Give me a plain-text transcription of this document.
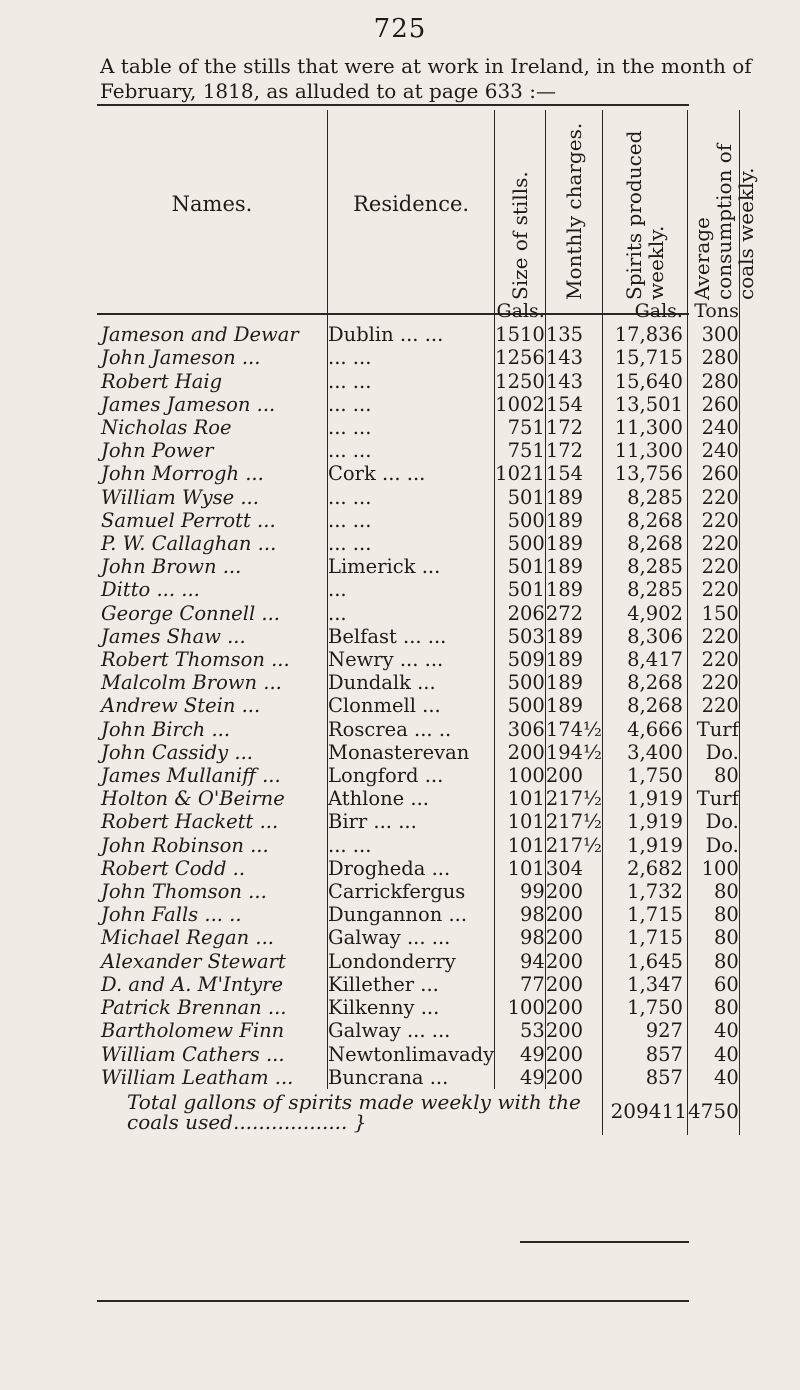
725
A table of the stills that were at work in Ireland, in the month of February, 1818, as alluded to at page 633 :—
Names.	Residence.	Size of stills.	Monthly charges.	Spirits produced weekly.	Average consumption of coals weekly.

		Gals.		Gals.	Tons
Jameson and Dewar	Dublin ... ...	1510	135	17,836	300
John Jameson ...	... ...	1256	143	15,715	280
Robert Haig	... ...	1250	143	15,640	280
James Jameson ...	... ...	1002	154	13,501	260
Nicholas Roe	... ...	751	172	11,300	240
John Power	... ...	751	172	11,300	240
John Morrogh ...	Cork ... ...	1021	154	13,756	260
William Wyse ...	... ...	501	189	8,285	220
Samuel Perrott ...	... ...	500	189	8,268	220
P. W. Callaghan ...	... ...	500	189	8,268	220
John Brown ...	Limerick ...	501	189	8,285	220
Ditto ... ...	...	501	189	8,285	220
George Connell ...	...	206	272	4,902	150
James Shaw ...	Belfast ... ...	503	189	8,306	220
Robert Thomson ...	Newry ... ...	509	189	8,417	220
Malcolm Brown ...	Dundalk ...	500	189	8,268	220
Andrew Stein ...	Clonmell ...	500	189	8,268	220
John Birch ...	Roscrea ... ..	306	174½	4,666	Turf
John Cassidy ...	Monasterevan	200	194½	3,400	Do.
James Mullaniff ...	Longford ...	100	200	1,750	80
Holton & O'Beirne	Athlone ...	101	217½	1,919	Turf
Robert Hackett ...	Birr ... ...	101	217½	1,919	Do.
John Robinson ...	... ...	101	217½	1,919	Do.
Robert Codd ..	Drogheda ...	101	304	2,682	100
John Thomson ...	Carrickfergus	99	200	1,732	80
John Falls ... ..	Dungannon ...	98	200	1,715	80
Michael Regan ...	Galway ... ...	98	200	1,715	80
Alexander Stewart	Londonderry	94	200	1,645	80
D. and A. M'Intyre	Killether ...	77	200	1,347	60
Patrick Brennan ...	Kilkenny ...	100	200	1,750	80
Bartholomew Finn	Galway ... ...	53	200	927	40
William Cathers ...	Newtonlimavady	49	200	857	40
William Leatham ...	Buncrana ...	49	200	857	40
Total gallons of spirits made weekly with the coals used.................. }				209411	4750
